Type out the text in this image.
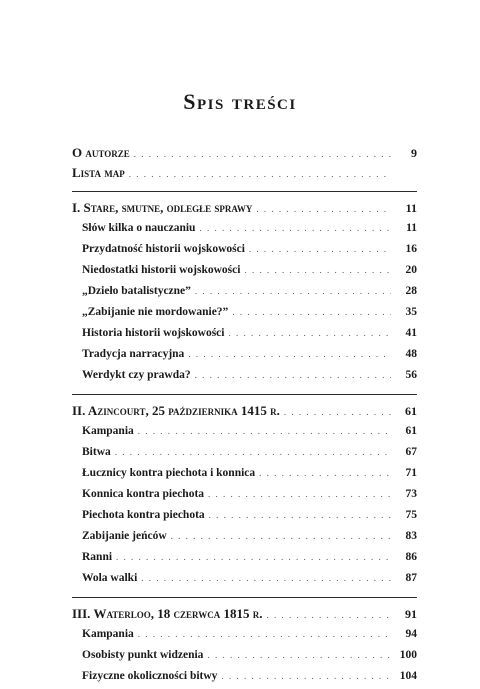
Spis treści
O autorze . . .	9
Lista map
. . .
I. Stare, smutne, odległe sprawy . . .	11
Słów kilka o nauczaniu . . .	11
Przydatność historii wojskowości . . .	16
Niedostatki historii wojskowości . . .	20
„Dzieło batalistyczne” . . .	28
„Zabijanie nie mordowanie?” . . .	35
Historia historii wojskowości . . .	41
Tradycja narracyjna . . .	48
Werdykt czy prawda? . . .	56
II. Azincourt, 25 października 1415 r. . . .	61
Kampania . . .	61
Bitwa . . .	67
Łucznicy kontra piechota i konnica . . .	71
Konnica kontra piechota . . .	73
Piechota kontra piechota . . .	75
Zabijanie jeńców . . .	83
Ranni . . .	86
Wola walki . . .	87
III. Waterloo, 18 czerwca 1815 r. . . .	91
Kampania . . .	94
Osobisty punkt widzenia . . .	100
Fizyczne okoliczności bitwy . . .	104
